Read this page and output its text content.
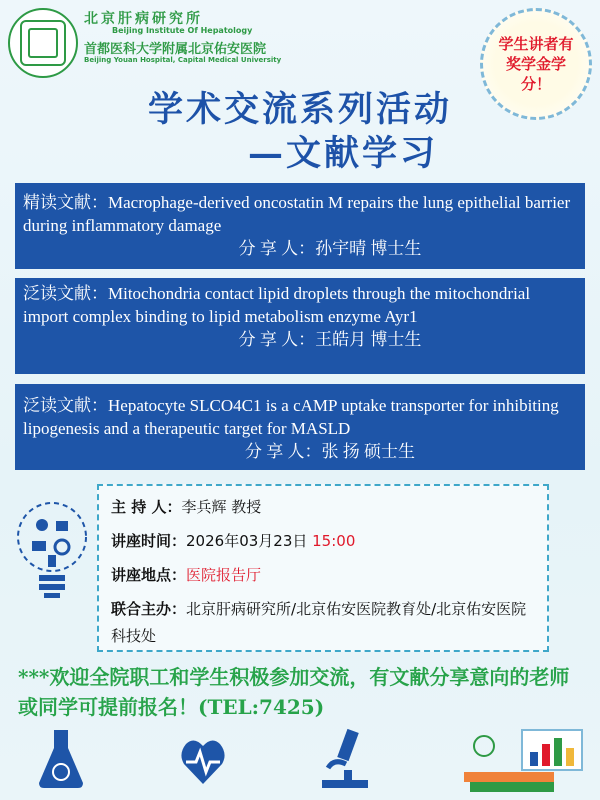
北京肝病研究所
Beijing Institute Of Hepatology
首都医科大学附属北京佑安医院
Beijing Youan Hospital, Capital Medical University
学生讲者有奖学金学分！
学术交流系列活动
—文献学习
精读文献：Macrophage-derived oncostatin M repairs the lung epithelial barrier during inflammatory damage
分 享 人：孙宇晴 博士生
泛读文献：Mitochondria contact lipid droplets through the mitochondrial import complex binding to lipid metabolism enzyme Ayr1
分 享 人：王皓月 博士生
泛读文献：Hepatocyte SLCO4C1 is a cAMP uptake transporter for inhibiting lipogenesis and a therapeutic target for MASLD
分 享 人：张 扬 硕士生
主 持 人：李兵辉 教授
讲座时间：2026年03月23日 15:00
讲座地点：医院报告厅
联合主办：北京肝病研究所/北京佑安医院教育处/北京佑安医院科技处
***欢迎全院职工和学生积极参加交流，有文献分享意向的老师或同学可提前报名！(TEL:7425)
